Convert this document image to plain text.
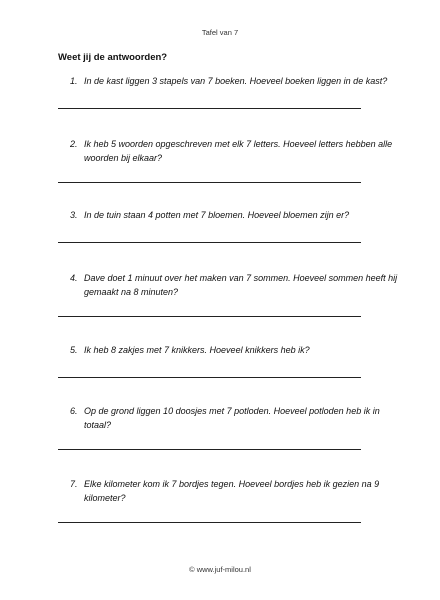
Tafel van 7
Weet jij de antwoorden?
1. In de kast liggen 3 stapels van 7 boeken. Hoeveel boeken liggen in de kast?
2. Ik heb 5 woorden opgeschreven met elk 7 letters. Hoeveel letters hebben alle woorden bij elkaar?
3. In de tuin staan 4 potten met 7 bloemen. Hoeveel bloemen zijn er?
4. Dave doet 1 minuut over het maken van 7 sommen. Hoeveel sommen heeft hij gemaakt na 8 minuten?
5. Ik heb 8 zakjes met 7 knikkers. Hoeveel knikkers heb ik?
6. Op de grond liggen 10 doosjes met 7 potloden. Hoeveel potloden heb ik in totaal?
7. Elke kilometer kom ik 7 bordjes tegen. Hoeveel bordjes heb ik gezien na 9 kilometer?
© www.juf-milou.nl
